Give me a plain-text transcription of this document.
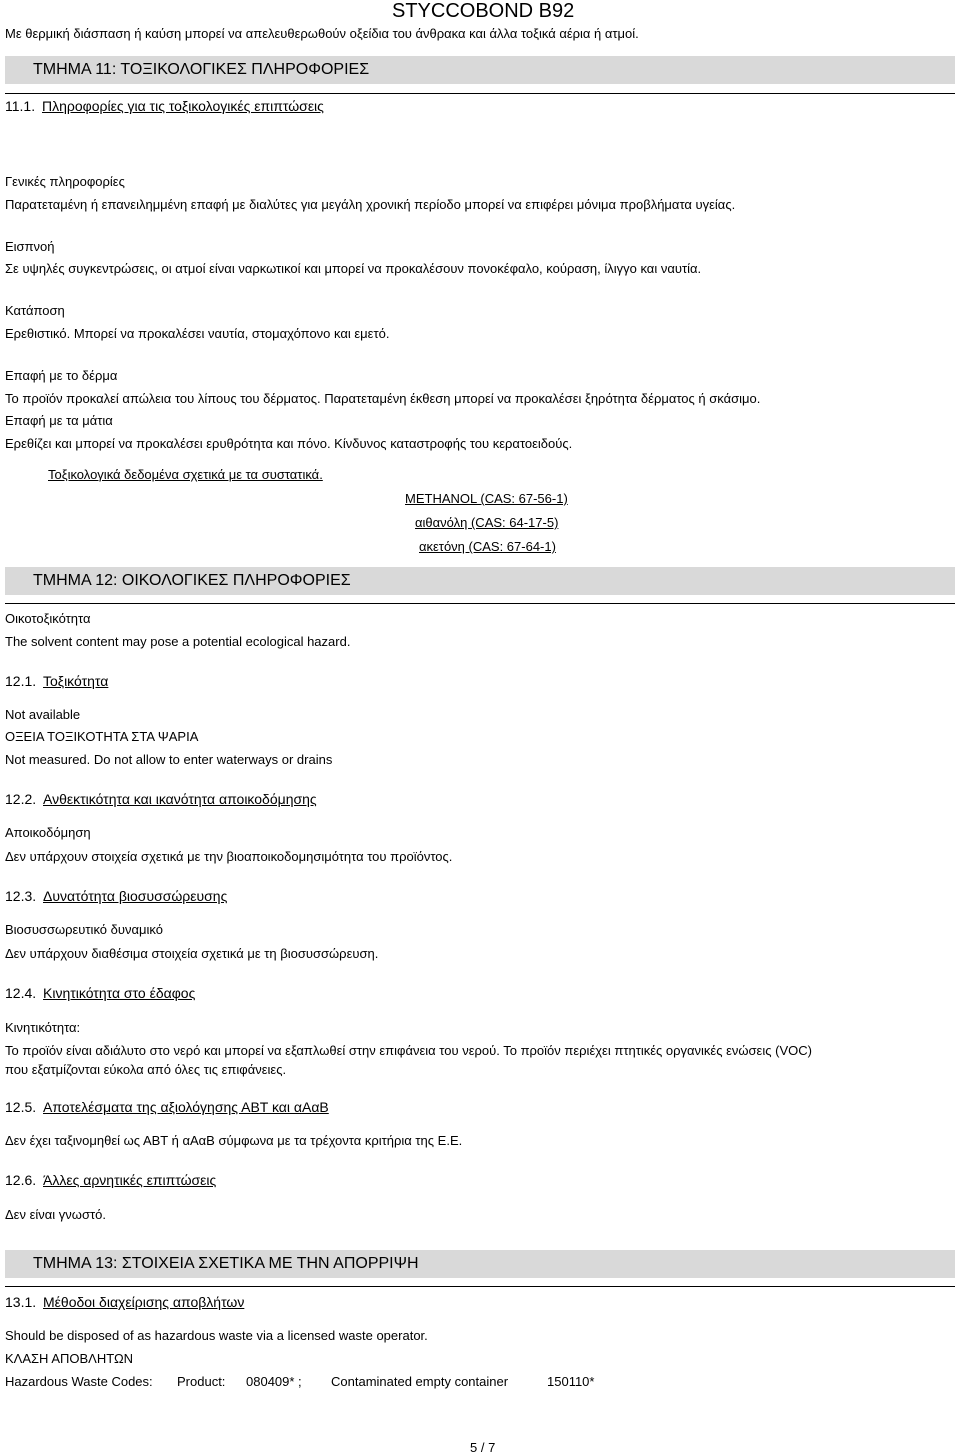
STYCCOBOND B92
Με θερμική διάσπαση ή καύση μπορεί να απελευθερωθούν οξείδια του άνθρακα και άλλα τοξικά αέρια ή ατμοί.
ΤΜΗΜΑ 11: ΤΟΞΙΚΟΛΟΓΙΚΕΣ ΠΛΗΡΟΦΟΡΙΕΣ
11.1. Πληροφορίες για τις τοξικολογικές επιπτώσεις
Γενικές πληροφορίες
Παρατεταμένη ή επανειλημμένη επαφή με διαλύτες για μεγάλη χρονική περίοδο μπορεί να επιφέρει μόνιμα προβλήματα υγείας.
Εισπνοή
Σε υψηλές συγκεντρώσεις, οι ατμοί είναι ναρκωτικοί και μπορεί να προκαλέσουν πονοκέφαλο, κούραση, ίλιγγο και ναυτία.
Κατάποση
Ερεθιστικό. Μπορεί να προκαλέσει ναυτία, στομαχόπονο και εμετό.
Επαφή με το δέρμα
Το προϊόν προκαλεί απώλεια του λίπους του δέρματος. Παρατεταμένη έκθεση μπορεί να προκαλέσει ξηρότητα δέρματος ή σκάσιμο.
Επαφή με τα μάτια
Ερεθίζει και μπορεί να προκαλέσει ερυθρότητα και πόνο. Κίνδυνος καταστροφής του κερατοειδούς.
Τοξικολογικά δεδομένα σχετικά με τα συστατικά.
METHANOL (CAS: 67-56-1)
αιθανόλη (CAS: 64-17-5)
ακετόνη (CAS: 67-64-1)
ΤΜΗΜΑ 12: ΟΙΚΟΛΟΓΙΚΕΣ ΠΛΗΡΟΦΟΡΙΕΣ
Οικοτοξικότητα
The solvent content may pose a potential ecological hazard.
12.1. Τοξικότητα
Not available
ΟΞΕΙΑ ΤΟΞΙΚΟΤΗΤΑ ΣΤΑ ΨΑΡΙΑ
Not measured. Do not allow to enter waterways or drains
12.2. Ανθεκτικότητα και ικανότητα αποικοδόμησης
Αποικοδόμηση
Δεν υπάρχουν στοιχεία σχετικά με την βιοαποικοδομησιμότητα του προϊόντος.
12.3. Δυνατότητα βιοσυσσώρευσης
Βιοσυσσωρευτικό δυναμικό
Δεν υπάρχουν διαθέσιμα στοιχεία σχετικά με τη βιοσυσσώρευση.
12.4. Κινητικότητα στο έδαφος
Κινητικότητα:
Το προϊόν είναι αδιάλυτο στο νερό και μπορεί να εξαπλωθεί στην επιφάνεια του νερού. Το προϊόν περιέχει πτητικές οργανικές ενώσεις (VOC)
που εξατμίζονται εύκολα από όλες τις επιφάνειες.
12.5. Αποτελέσματα της αξιολόγησης ΑΒΤ και αΑαΒ
Δεν έχει ταξινομηθεί ως ΑΒΤ ή αΑαΒ σύμφωνα με τα τρέχοντα κριτήρια της Ε.Ε.
12.6. Άλλες αρνητικές επιπτώσεις
Δεν είναι γνωστό.
ΤΜΗΜΑ 13: ΣΤΟΙΧΕΙΑ ΣΧΕΤΙΚΑ ΜΕ ΤΗΝ ΑΠΟΡΡΙΨΗ
13.1. Μέθοδοι διαχείρισης αποβλήτων
Should be disposed of as hazardous waste via a licensed waste operator.
ΚΛΑΣΗ ΑΠΟΒΛΗΤΩΝ
Hazardous Waste Codes: Product: 080409* ; Contaminated empty container	150110*
5 / 7
